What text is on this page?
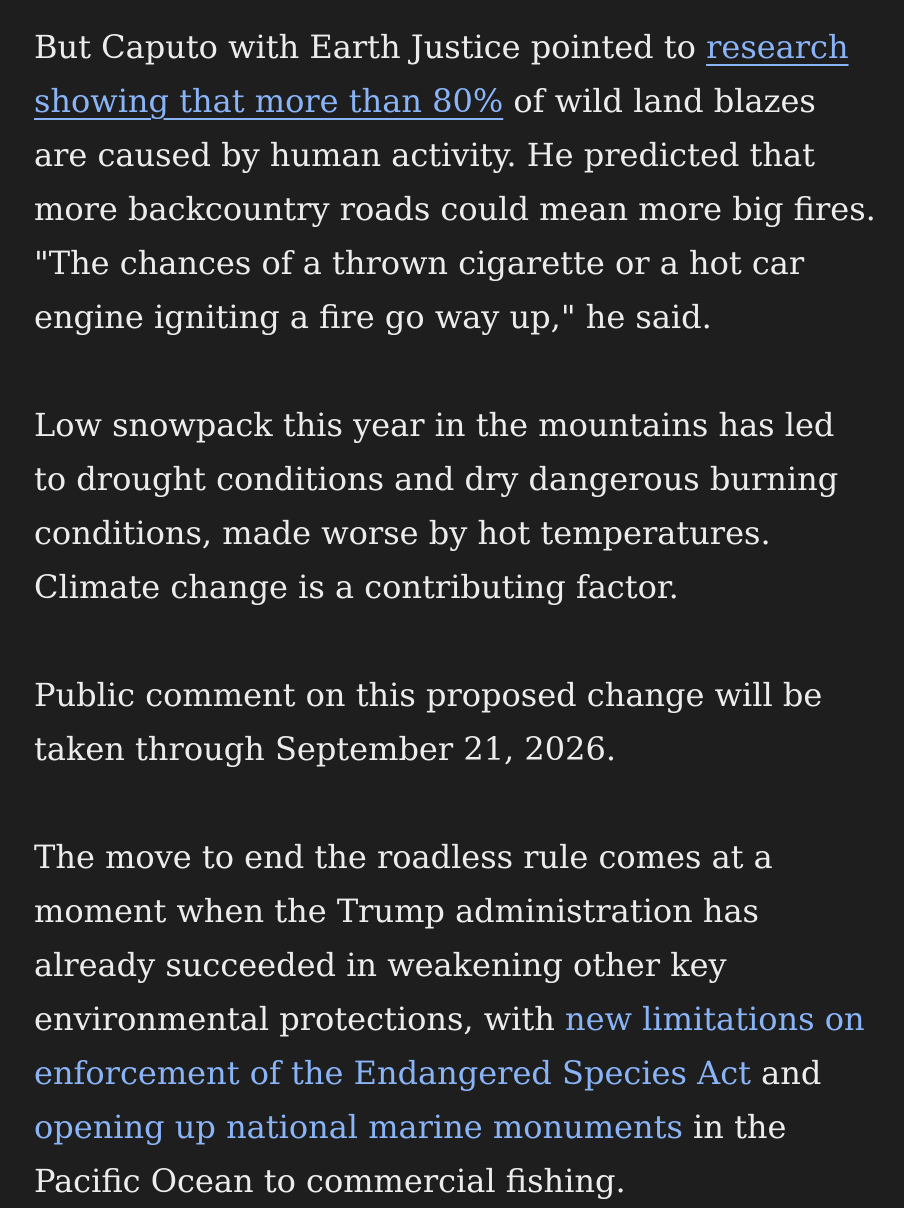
But Caputo with Earth Justice pointed to research showing that more than 80% of wild land blazes are caused by human activity. He predicted that more backcountry roads could mean more big fires. "The chances of a thrown cigarette or a hot car engine igniting a fire go way up," he said.

Low snowpack this year in the mountains has led to drought conditions and dry dangerous burning conditions, made worse by hot temperatures. Climate change is a contributing factor.

Public comment on this proposed change will be taken through September 21, 2026.

The move to end the roadless rule comes at a moment when the Trump administration has already succeeded in weakening other key environmental protections, with new limitations on enforcement of the Endangered Species Act and opening up national marine monuments in the Pacific Ocean to commercial fishing.
